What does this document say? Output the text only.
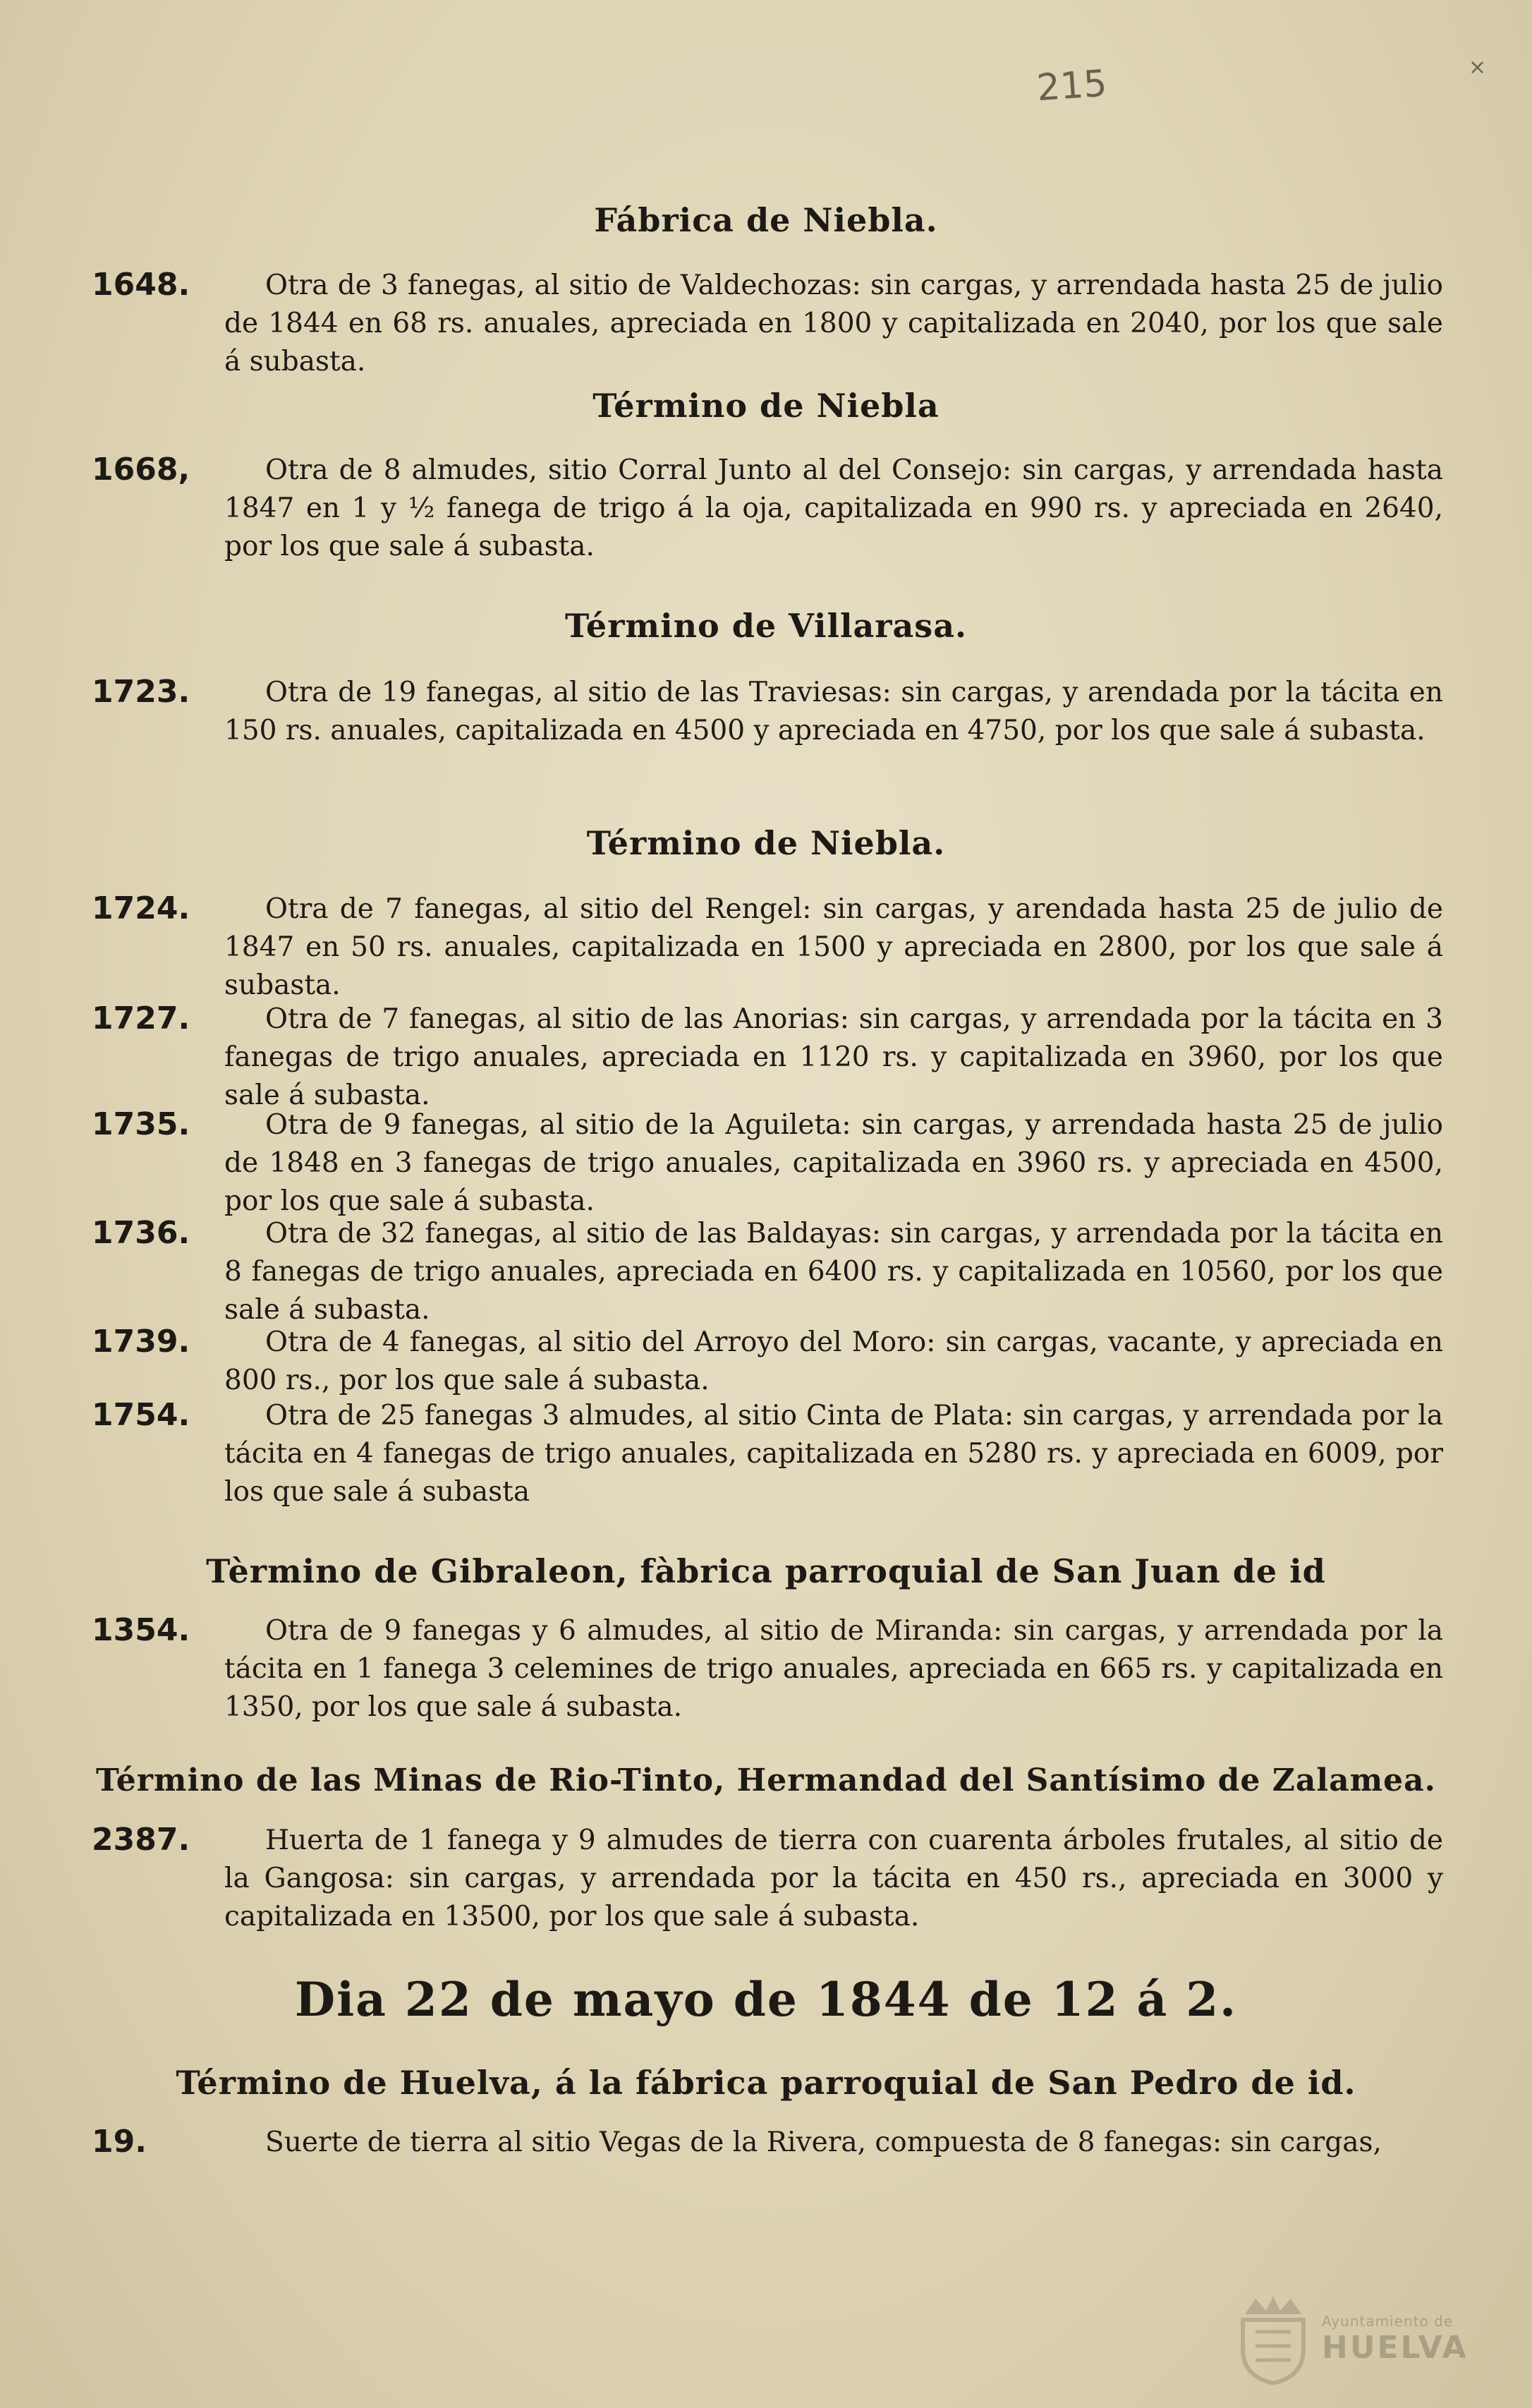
215	×
Fábrica de Niebla.
1648.	Otra de 3 fanegas, al sitio de Valdechozas: sin cargas, y arrendada hasta 25 de julio de 1844 en 68 rs. anuales, apreciada en 1800 y capitalizada en 2040, por los que sale á subasta.

Término de Niebla
1668,	Otra de 8 almudes, sitio Corral Junto al del Consejo: sin cargas, y arrendada hasta 1847 en 1 y ½ fanega de trigo á la oja, capitalizada en 990 rs. y apreciada en 2640, por los que sale á subasta.

Término de Villarasa.
1723.	Otra de 19 fanegas, al sitio de las Traviesas: sin cargas, y arendada por la tácita en 150 rs. anuales, capitalizada en 4500 y apreciada en 4750, por los que sale á subasta.

Término de Niebla.
1724.	Otra de 7 fanegas, al sitio del Rengel: sin cargas, y arendada hasta 25 de julio de 1847 en 50 rs. anuales, capitalizada en 1500 y apreciada en 2800, por los que sale á subasta.

1727.	Otra de 7 fanegas, al sitio de las Anorias: sin cargas, y arrendada por la tácita en 3 fanegas de trigo anuales, apreciada en 1120 rs. y capitalizada en 3960, por los que sale á subasta.

1735.	Otra de 9 fanegas, al sitio de la Aguileta: sin cargas, y arrendada hasta 25 de julio de 1848 en 3 fanegas de trigo anuales, capitalizada en 3960 rs. y apreciada en 4500, por los que sale á subasta.

1736.	Otra de 32 fanegas, al sitio de las Baldayas: sin cargas, y arrendada por la tácita en 8 fanegas de trigo anuales, apreciada en 6400 rs. y capitalizada en 10560, por los que sale á subasta.

1739.	Otra de 4 fanegas, al sitio del Arroyo del Moro: sin cargas, vacante, y apreciada en 800 rs., por los que sale á subasta.

1754.	Otra de 25 fanegas 3 almudes, al sitio Cinta de Plata: sin cargas, y arrendada por la tácita en 4 fanegas de trigo anuales, capitalizada en 5280 rs. y apreciada en 6009, por los que sale á subasta

Tèrmino de Gibraleon, fàbrica parroquial de San Juan de id
1354.	Otra de 9 fanegas y 6 almudes, al sitio de Miranda: sin cargas, y arrendada por la tácita en 1 fanega 3 celemines de trigo anuales, apreciada en 665 rs. y capitalizada en 1350, por los que sale á subasta.

Término de las Minas de Rio-Tinto, Hermandad del Santísimo de Zalamea.
2387.	Huerta de 1 fanega y 9 almudes de tierra con cuarenta árboles frutales, al sitio de la Gangosa: sin cargas, y arrendada por la tácita en 450 rs., apreciada en 3000 y capitalizada en 13500, por los que sale á subasta.

Dia 22 de mayo de 1844 de 12 á 2.
Término de Huelva, á la fábrica parroquial de San Pedro de id.
19.	Suerte de tierra al sitio Vegas de la Rivera, compuesta de 8 fanegas: sin cargas,

Ayuntamiento de
HUELVA
